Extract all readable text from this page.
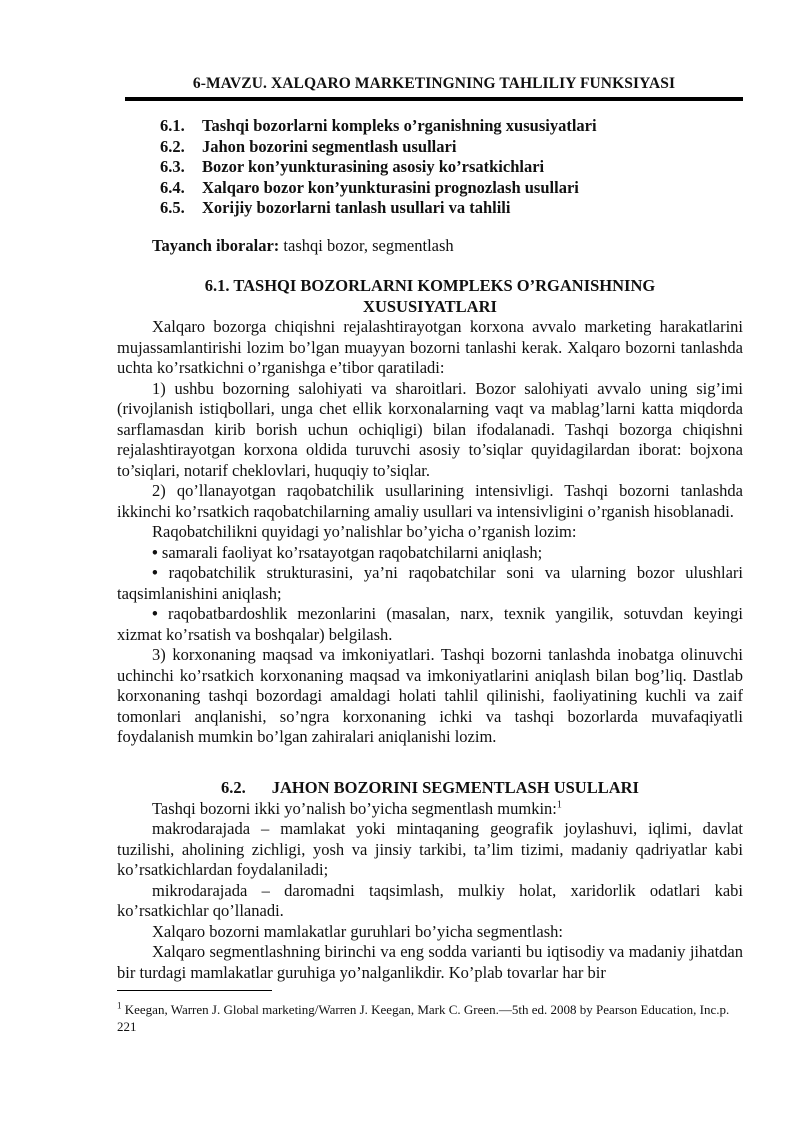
6-MAVZU. XALQARO MARKETINGNING TAHLILIY FUNKSIYASI
6.1. Tashqi bozorlarni kompleks o’rganishning xususiyatlari
6.2. Jahon bozorini segmentlash usullari
6.3. Bozor kon’yunkturasining asosiy ko’rsatkichlari
6.4. Xalqaro bozor kon’yunkturasini prognozlash usullari
6.5. Xorijiy bozorlarni tanlash usullari va tahlili
Tayanch iboralar: tashqi bozor, segmentlash
6.1. TASHQI BOZORLARNI KOMPLEKS O’RGANISHNING
XUSUSIYATLARI
Xalqaro bozorga chiqishni rejalashtirayotgan korxona avvalo marketing harakatlarini mujassamlantirishi lozim bo’lgan muayyan bozorni tanlashi kerak. Xalqaro bozorni tanlashda uchta ko’rsatkichni o’rganishga e’tibor qaratiladi:
1) ushbu bozorning salohiyati va sharoitlari. Bozor salohiyati avvalo uning sig’imi (rivojlanish istiqbollari, unga chet ellik korxonalarning vaqt va mablag’larni katta miqdorda sarflamasdan kirib borish uchun ochiqligi) bilan ifodalanadi. Tashqi bozorga chiqishni rejalashtirayotgan korxona oldida turuvchi asosiy to’siqlar quyidagilardan iborat: bojxona to’siqlari, notarif cheklovlari, huquqiy to’siqlar.
2) qo’llanayotgan raqobatchilik usullarining intensivligi. Tashqi bozorni tanlashda ikkinchi ko’rsatkich raqobatchilarning amaliy usullari va intensivligini o’rganish hisoblanadi.
Raqobatchilikni quyidagi yo’nalishlar bo’yicha o’rganish lozim:
• samarali faoliyat ko’rsatayotgan raqobatchilarni aniqlash;
• raqobatchilik strukturasini, ya’ni raqobatchilar soni va ularning bozor ulushlari taqsimlanishini aniqlash;
• raqobatbardoshlik mezonlarini (masalan, narx, texnik yangilik, sotuvdan keyingi xizmat ko’rsatish va boshqalar) belgilash.
3) korxonaning maqsad va imkoniyatlari. Tashqi bozorni tanlashda inobatga olinuvchi uchinchi ko’rsatkich korxonaning maqsad va imkoniyatlarini aniqlash bilan bog’liq. Dastlab korxonaning tashqi bozordagi amaldagi holati tahlil qilinishi, faoliyatining kuchli va zaif tomonlari anqlanishi, so’ngra korxonaning ichki va tashqi bozorlarda muvafaqiyatli foydalanish mumkin bo’lgan zahiralari aniqlanishi lozim.
6.2. JAHON BOZORINI SEGMENTLASH USULLARI
Tashqi bozorni ikki yo’nalish bo’yicha segmentlash mumkin:$^1$
makrodarajada – mamlakat yoki mintaqaning geografik joylashuvi, iqlimi, davlat tuzilishi, aholining zichligi, yosh va jinsiy tarkibi, ta’lim tizimi, madaniy qadriyatlar kabi ko’rsatkichlardan foydalaniladi;
mikrodarajada – daromadni taqsimlash, mulkiy holat, xaridorlik odatlari kabi ko’rsatkichlar qo’llanadi.
Xalqaro bozorni mamlakatlar guruhlari bo’yicha segmentlash:
Xalqaro segmentlashning birinchi va eng sodda varianti bu iqtisodiy va madaniy jihatdan bir turdagi mamlakatlar guruhiga yo’nalganlikdir. Ko’plab tovarlar har bir
$^1$ Keegan, Warren J. Global marketing/Warren J. Keegan, Mark C. Green.—5th ed. 2008 by Pearson Education, Inc.p. 221
